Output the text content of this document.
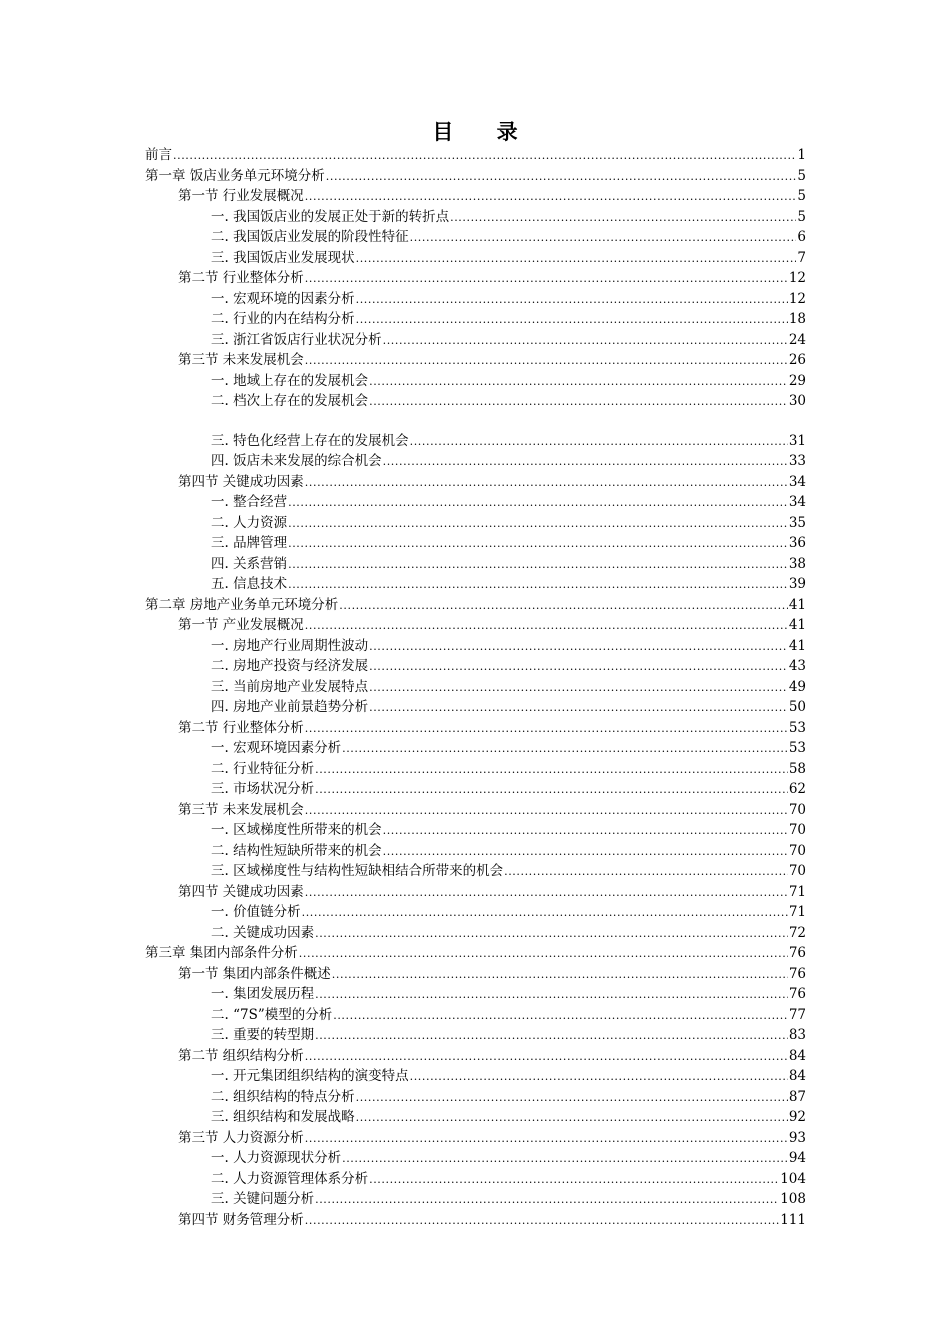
目 录
前言 .....	1
第一章 饭店业务单元环境分析 .....	5
第一节 行业发展概况 .....	5
一. 我国饭店业的发展正处于新的转折点 .....	5
二. 我国饭店业发展的阶段性特征 .....	6
三. 我国饭店业发展现状 .....	7
第二节 行业整体分析 .....	12
一. 宏观环境的因素分析 .....	12
二. 行业的内在结构分析 .....	18
三. 浙江省饭店行业状况分析 .....	24
第三节 未来发展机会 .....	26
一. 地域上存在的发展机会 .....	29
二. 档次上存在的发展机会 .....	30
三. 特色化经营上存在的发展机会 .....	31
四. 饭店未来发展的综合机会 .....	33
第四节 关键成功因素 .....	34
一. 整合经营 .....	34
二. 人力资源 .....	35
三. 品牌管理 .....	36
四. 关系营销 .....	38
五. 信息技术 .....	39
第二章 房地产业务单元环境分析 .....	41
第一节 产业发展概况 .....	41
一. 房地产行业周期性波动 .....	41
二. 房地产投资与经济发展 .....	43
三. 当前房地产业发展特点 .....	49
四. 房地产业前景趋势分析 .....	50
第二节 行业整体分析 .....	53
一. 宏观环境因素分析 .....	53
二. 行业特征分析 .....	58
三. 市场状况分析 .....	62
第三节 未来发展机会 .....	70
一. 区域梯度性所带来的机会 .....	70
二. 结构性短缺所带来的机会 .....	70
三. 区域梯度性与结构性短缺相结合所带来的机会 .....	70
第四节 关键成功因素 .....	71
一. 价值链分析 .....	71
二. 关键成功因素 .....	72
第三章 集团内部条件分析 .....	76
第一节 集团内部条件概述 .....	76
一. 集团发展历程 .....	76
二. “7S”模型的分析 .....	77
三. 重要的转型期 .....	83
第二节 组织结构分析 .....	84
一. 开元集团组织结构的演变特点 .....	84
二. 组织结构的特点分析 .....	87
三. 组织结构和发展战略 .....	92
第三节 人力资源分析 .....	93
一. 人力资源现状分析 .....	94
二. 人力资源管理体系分析 .....	104
三. 关键问题分析 .....	108
第四节 财务管理分析 .....	111
